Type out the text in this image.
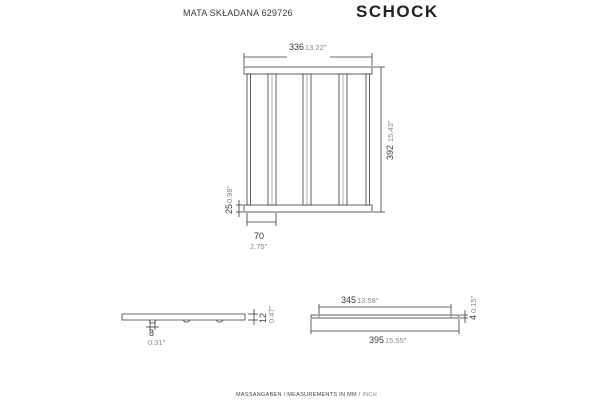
MATA SKŁADANA 629726	SCHOCK
336 13.22"
392
15.43"
25
0.98"
70
2.75"
8
0.31"
12 0.47"
345 13.58"
395 15.55"
4
0.15"
MASSANGABEN / MEASUREMENTS IN MM / INCH
